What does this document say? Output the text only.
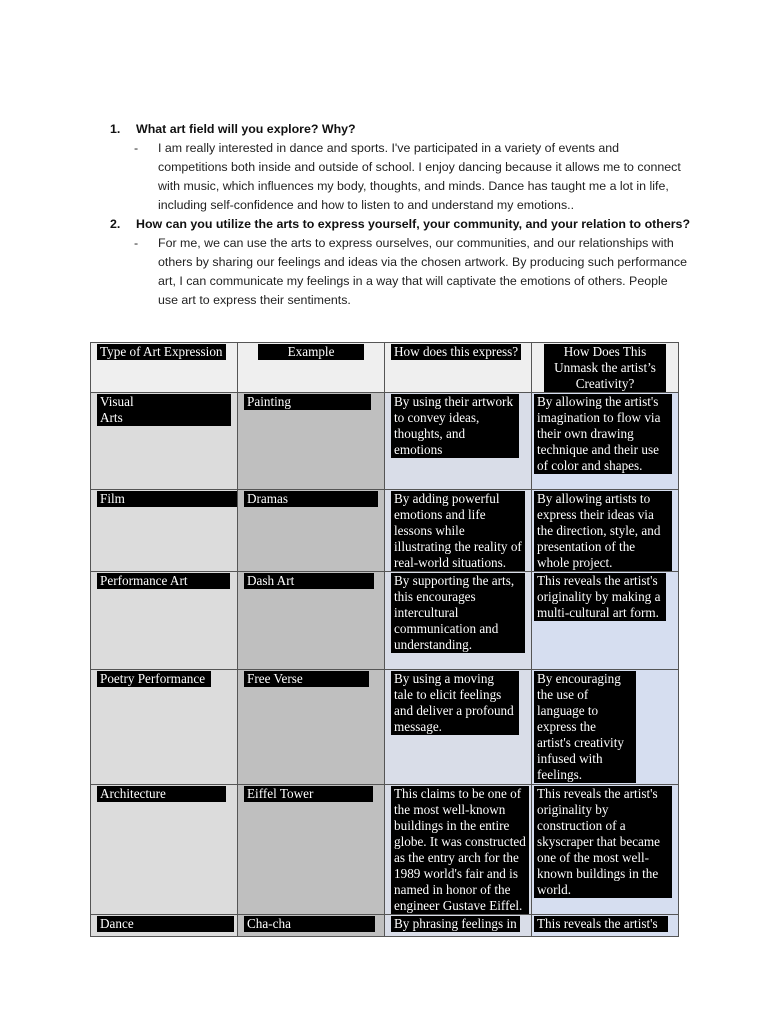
1. What art field will you explore? Why?
- I am really interested in dance and sports. I've participated in a variety of events and competitions both inside and outside of school. I enjoy dancing because it allows me to connect with music, which influences my body, thoughts, and minds. Dance has taught me a lot in life, including self-confidence and how to listen to and understand my emotions..
2. How can you utilize the arts to express yourself, your community, and your relation to others?
- For me, we can use the arts to express ourselves, our communities, and our relationships with others by sharing our feelings and ideas via the chosen artwork. By producing such performance art, I can communicate my feelings in a way that will captivate the emotions of others. People use art to express their sentiments.
Type of Art Expression	Example	How does this express?	How Does This Unmask the artist’s Creativity?

Visual Arts	Painting	By using their artwork to convey ideas, thoughts, and emotions	By allowing the artist's imagination to flow via their own drawing technique and their use of color and shapes.

Film	Dramas	By adding powerful emotions and life lessons while illustrating the reality of real-world situations.	By allowing artists to express their ideas via the direction, style, and presentation of the whole project.

Performance Art	Dash Art	By supporting the arts, this encourages intercultural communication and understanding.	This reveals the artist's originality by making a multi-cultural art form.

Poetry Performance	Free Verse	By using a moving tale to elicit feelings and deliver a profound message.	By encouraging the use of language to express the artist's creativity infused with feelings.

Architecture	Eiffel Tower	This claims to be one of the most well-known buildings in the entire globe. It was constructed as the entry arch for the 1989 world's fair and is named in honor of the engineer Gustave Eiffel.	This reveals the artist's originality by construction of a skyscraper that became one of the most well-known buildings in the world.

Dance	Cha-cha	By phrasing feelings in	This reveals the artist's
